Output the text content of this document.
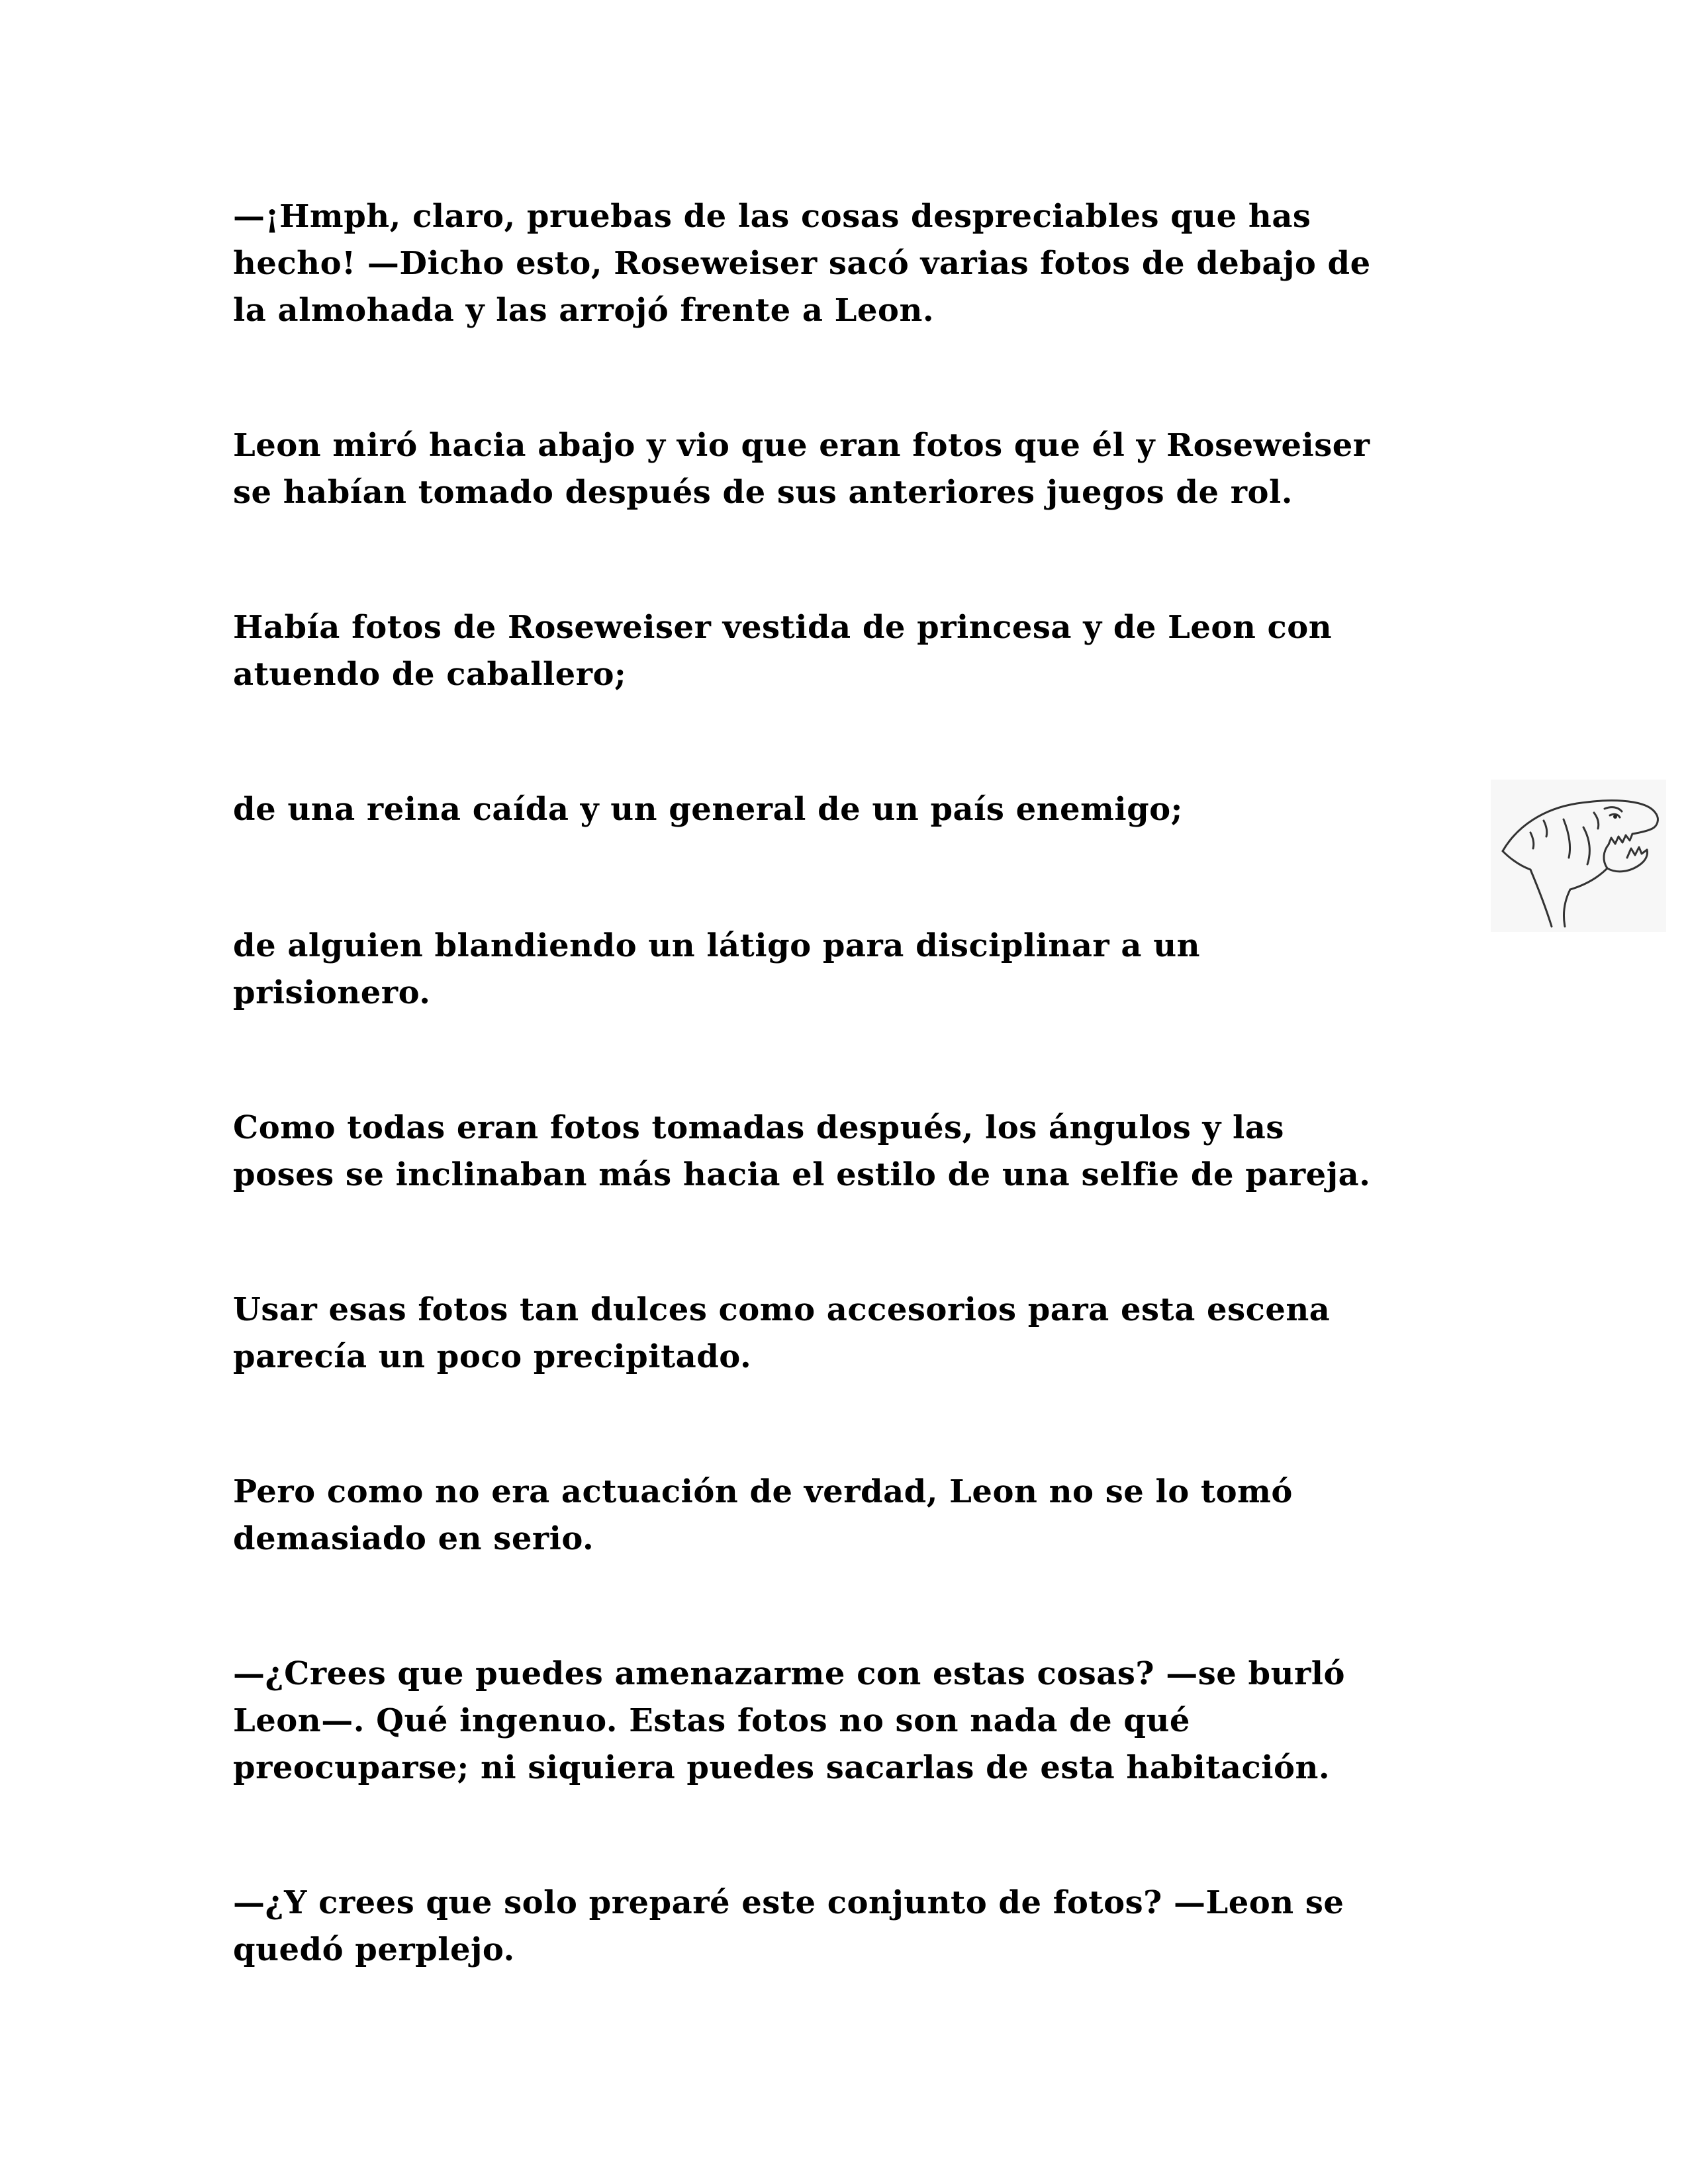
—¡Hmph, claro, pruebas de las cosas despreciables que has
hecho! —Dicho esto, Roseweiser sacó varias fotos de debajo de
la almohada y las arrojó frente a Leon.

Leon miró hacia abajo y vio que eran fotos que él y Roseweiser
se habían tomado después de sus anteriores juegos de rol.

Había fotos de Roseweiser vestida de princesa y de Leon con
atuendo de caballero;

de una reina caída y un general de un país enemigo;

de alguien blandiendo un látigo para disciplinar a un
prisionero.

Como todas eran fotos tomadas después, los ángulos y las
poses se inclinaban más hacia el estilo de una selfie de pareja.

Usar esas fotos tan dulces como accesorios para esta escena
parecía un poco precipitado.

Pero como no era actuación de verdad, Leon no se lo tomó
demasiado en serio.

—¿Crees que puedes amenazarme con estas cosas? —se burló
Leon—. Qué ingenuo. Estas fotos no son nada de qué
preocuparse; ni siquiera puedes sacarlas de esta habitación.

—¿Y crees que solo preparé este conjunto de fotos? —Leon se
quedó perplejo.
